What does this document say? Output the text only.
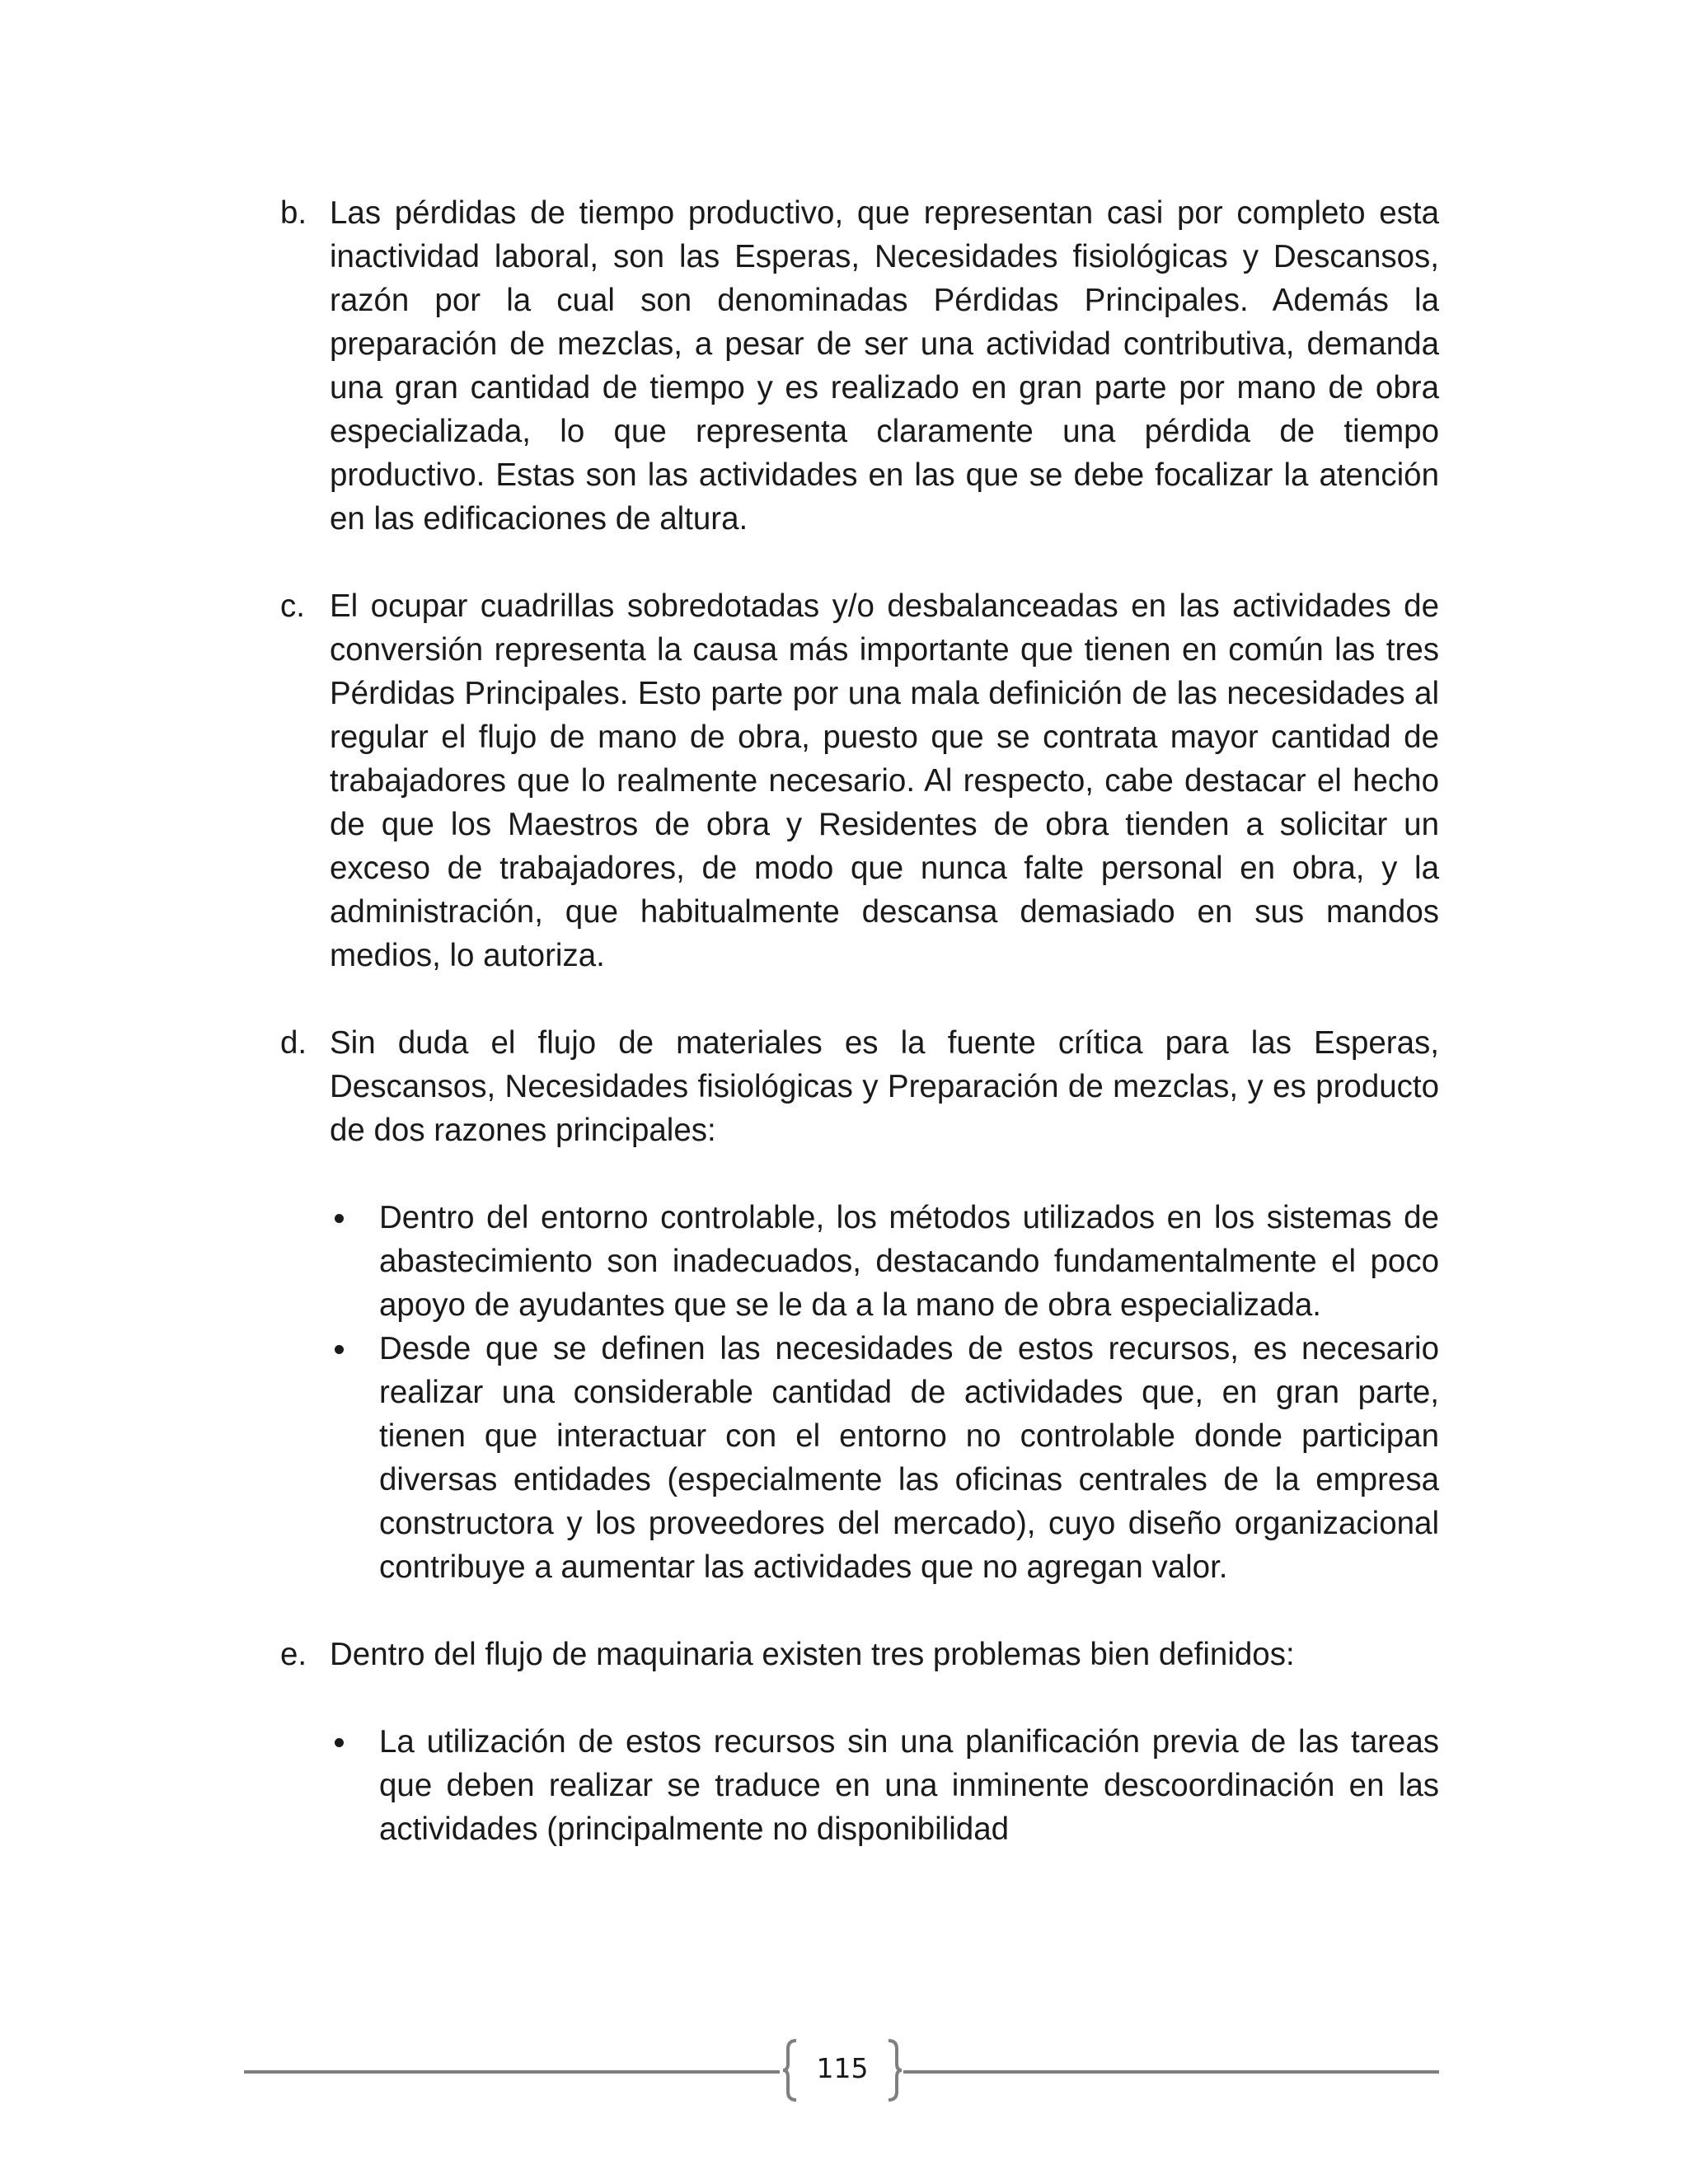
b. Las pérdidas de tiempo productivo, que representan casi por completo esta inactividad laboral, son las Esperas, Necesidades fisiológicas y Descansos, razón por la cual son denominadas Pérdidas Principales. Además la preparación de mezclas, a pesar de ser una actividad contributiva, demanda una gran cantidad de tiempo y es realizado en gran parte por mano de obra especializada, lo que representa claramente una pérdida de tiempo productivo. Estas son las actividades en las que se debe focalizar la atención en las edificaciones de altura.
c. El ocupar cuadrillas sobredotadas y/o desbalanceadas en las actividades de conversión representa la causa más importante que tienen en común las tres Pérdidas Principales. Esto parte por una mala definición de las necesidades al regular el flujo de mano de obra, puesto que se contrata mayor cantidad de trabajadores que lo realmente necesario. Al respecto, cabe destacar el hecho de que los Maestros de obra y Residentes de obra tienden a solicitar un exceso de trabajadores, de modo que nunca falte personal en obra, y la administración, que habitualmente descansa demasiado en sus mandos medios, lo autoriza.
d. Sin duda el flujo de materiales es la fuente crítica para las Esperas, Descansos, Necesidades fisiológicas y Preparación de mezclas, y es producto de dos razones principales:
Dentro del entorno controlable, los métodos utilizados en los sistemas de abastecimiento son inadecuados, destacando fundamentalmente el poco apoyo de ayudantes que se le da a la mano de obra especializada.
Desde que se definen las necesidades de estos recursos, es necesario realizar una considerable cantidad de actividades que, en gran parte, tienen que interactuar con el entorno no controlable donde participan diversas entidades (especialmente las oficinas centrales de la empresa constructora y los proveedores del mercado), cuyo diseño organizacional contribuye a aumentar las actividades que no agregan valor.
e. Dentro del flujo de maquinaria existen tres problemas bien definidos:
La utilización de estos recursos sin una planificación previa de las tareas que deben realizar se traduce en una inminente descoordinación en las actividades (principalmente no disponibilidad
115
